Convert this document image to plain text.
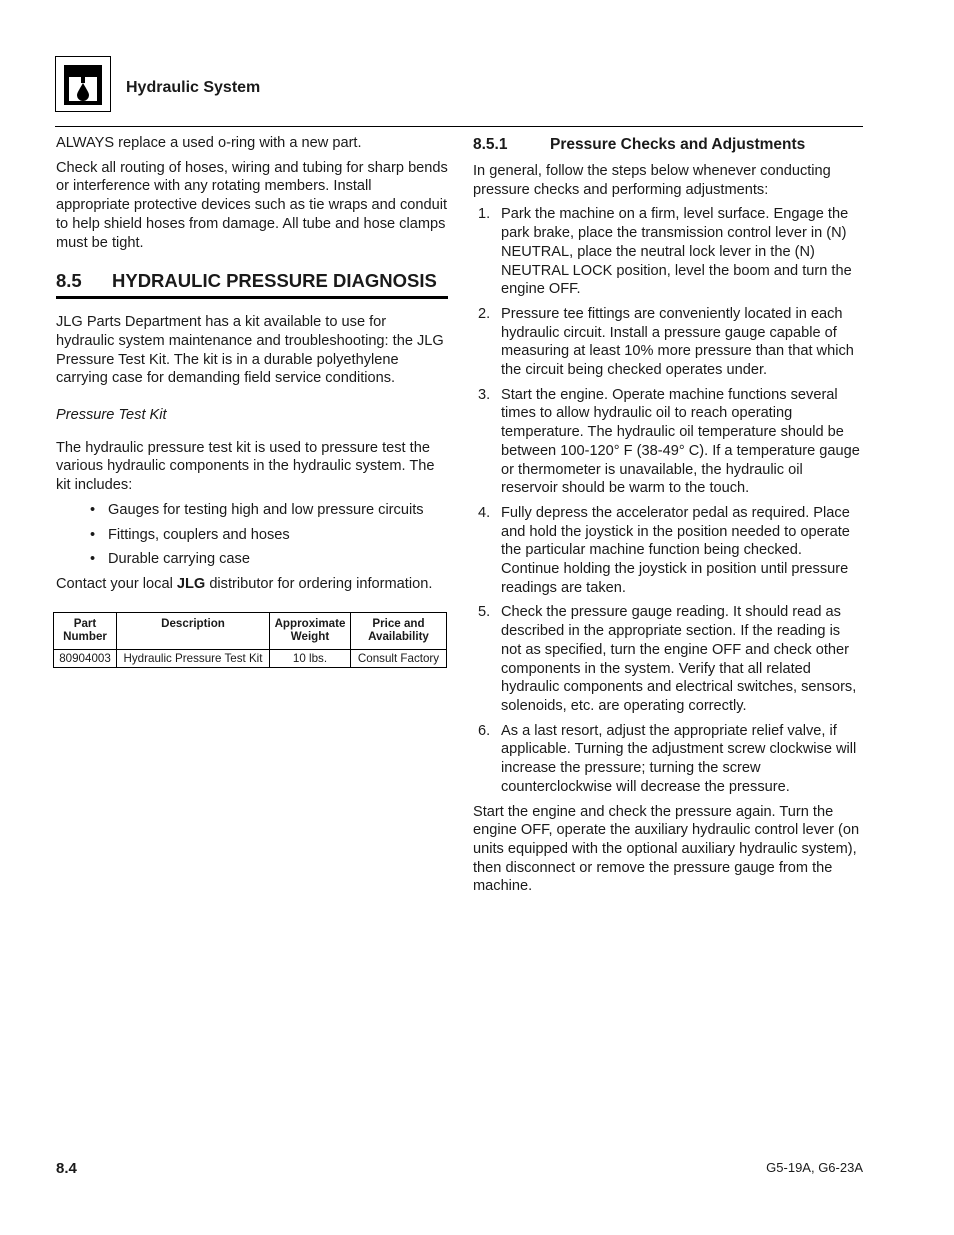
Hydraulic System

ALWAYS replace a used o-ring with a new part.

Check all routing of hoses, wiring and tubing for sharp bends or interference with any rotating members. Install appropriate protective devices such as tie wraps and conduit to help shield hoses from damage. All tube and hose clamps must be tight.

8.5 HYDRAULIC PRESSURE DIAGNOSIS

JLG Parts Department has a kit available to use for hydraulic system maintenance and troubleshooting: the JLG Pressure Test Kit. The kit is in a durable polyethylene carrying case for demanding field service conditions.

Pressure Test Kit

The hydraulic pressure test kit is used to pressure test the various hydraulic components in the hydraulic system. The kit includes:

• Gauges for testing high and low pressure circuits
• Fittings, couplers and hoses
• Durable carrying case

Contact your local JLG distributor for ordering information.

Part Number	Description	Approximate Weight	Price and Availability
80904003	Hydraulic Pressure Test Kit	10 lbs.	Consult Factory
8.5.1	Pressure Checks and Adjustments

In general, follow the steps below whenever conducting pressure checks and performing adjustments:

1. Park the machine on a firm, level surface. Engage the park brake, place the transmission control lever in (N) NEUTRAL, place the neutral lock lever in the (N) NEUTRAL LOCK position, level the boom and turn the engine OFF.
2. Pressure tee fittings are conveniently located in each hydraulic circuit. Install a pressure gauge capable of measuring at least 10% more pressure than that which the circuit being checked operates under.
3. Start the engine. Operate machine functions several times to allow hydraulic oil to reach operating temperature. The hydraulic oil temperature should be between 100-120° F (38-49° C). If a temperature gauge or thermometer is unavailable, the hydraulic oil reservoir should be warm to the touch.
4. Fully depress the accelerator pedal as required. Place and hold the joystick in the position needed to operate the particular machine function being checked. Continue holding the joystick in position until pressure readings are taken.
5. Check the pressure gauge reading. It should read as described in the appropriate section. If the reading is not as specified, turn the engine OFF and check other components in the system. Verify that all related hydraulic components and electrical switches, sensors, solenoids, etc. are operating correctly.
6. As a last resort, adjust the appropriate relief valve, if applicable. Turning the adjustment screw clockwise will increase the pressure; turning the screw counterclockwise will decrease the pressure.

Start the engine and check the pressure again. Turn the engine OFF, operate the auxiliary hydraulic control lever (on units equipped with the optional auxiliary hydraulic system), then disconnect or remove the pressure gauge from the machine.

8.4	G5-19A, G6-23A
